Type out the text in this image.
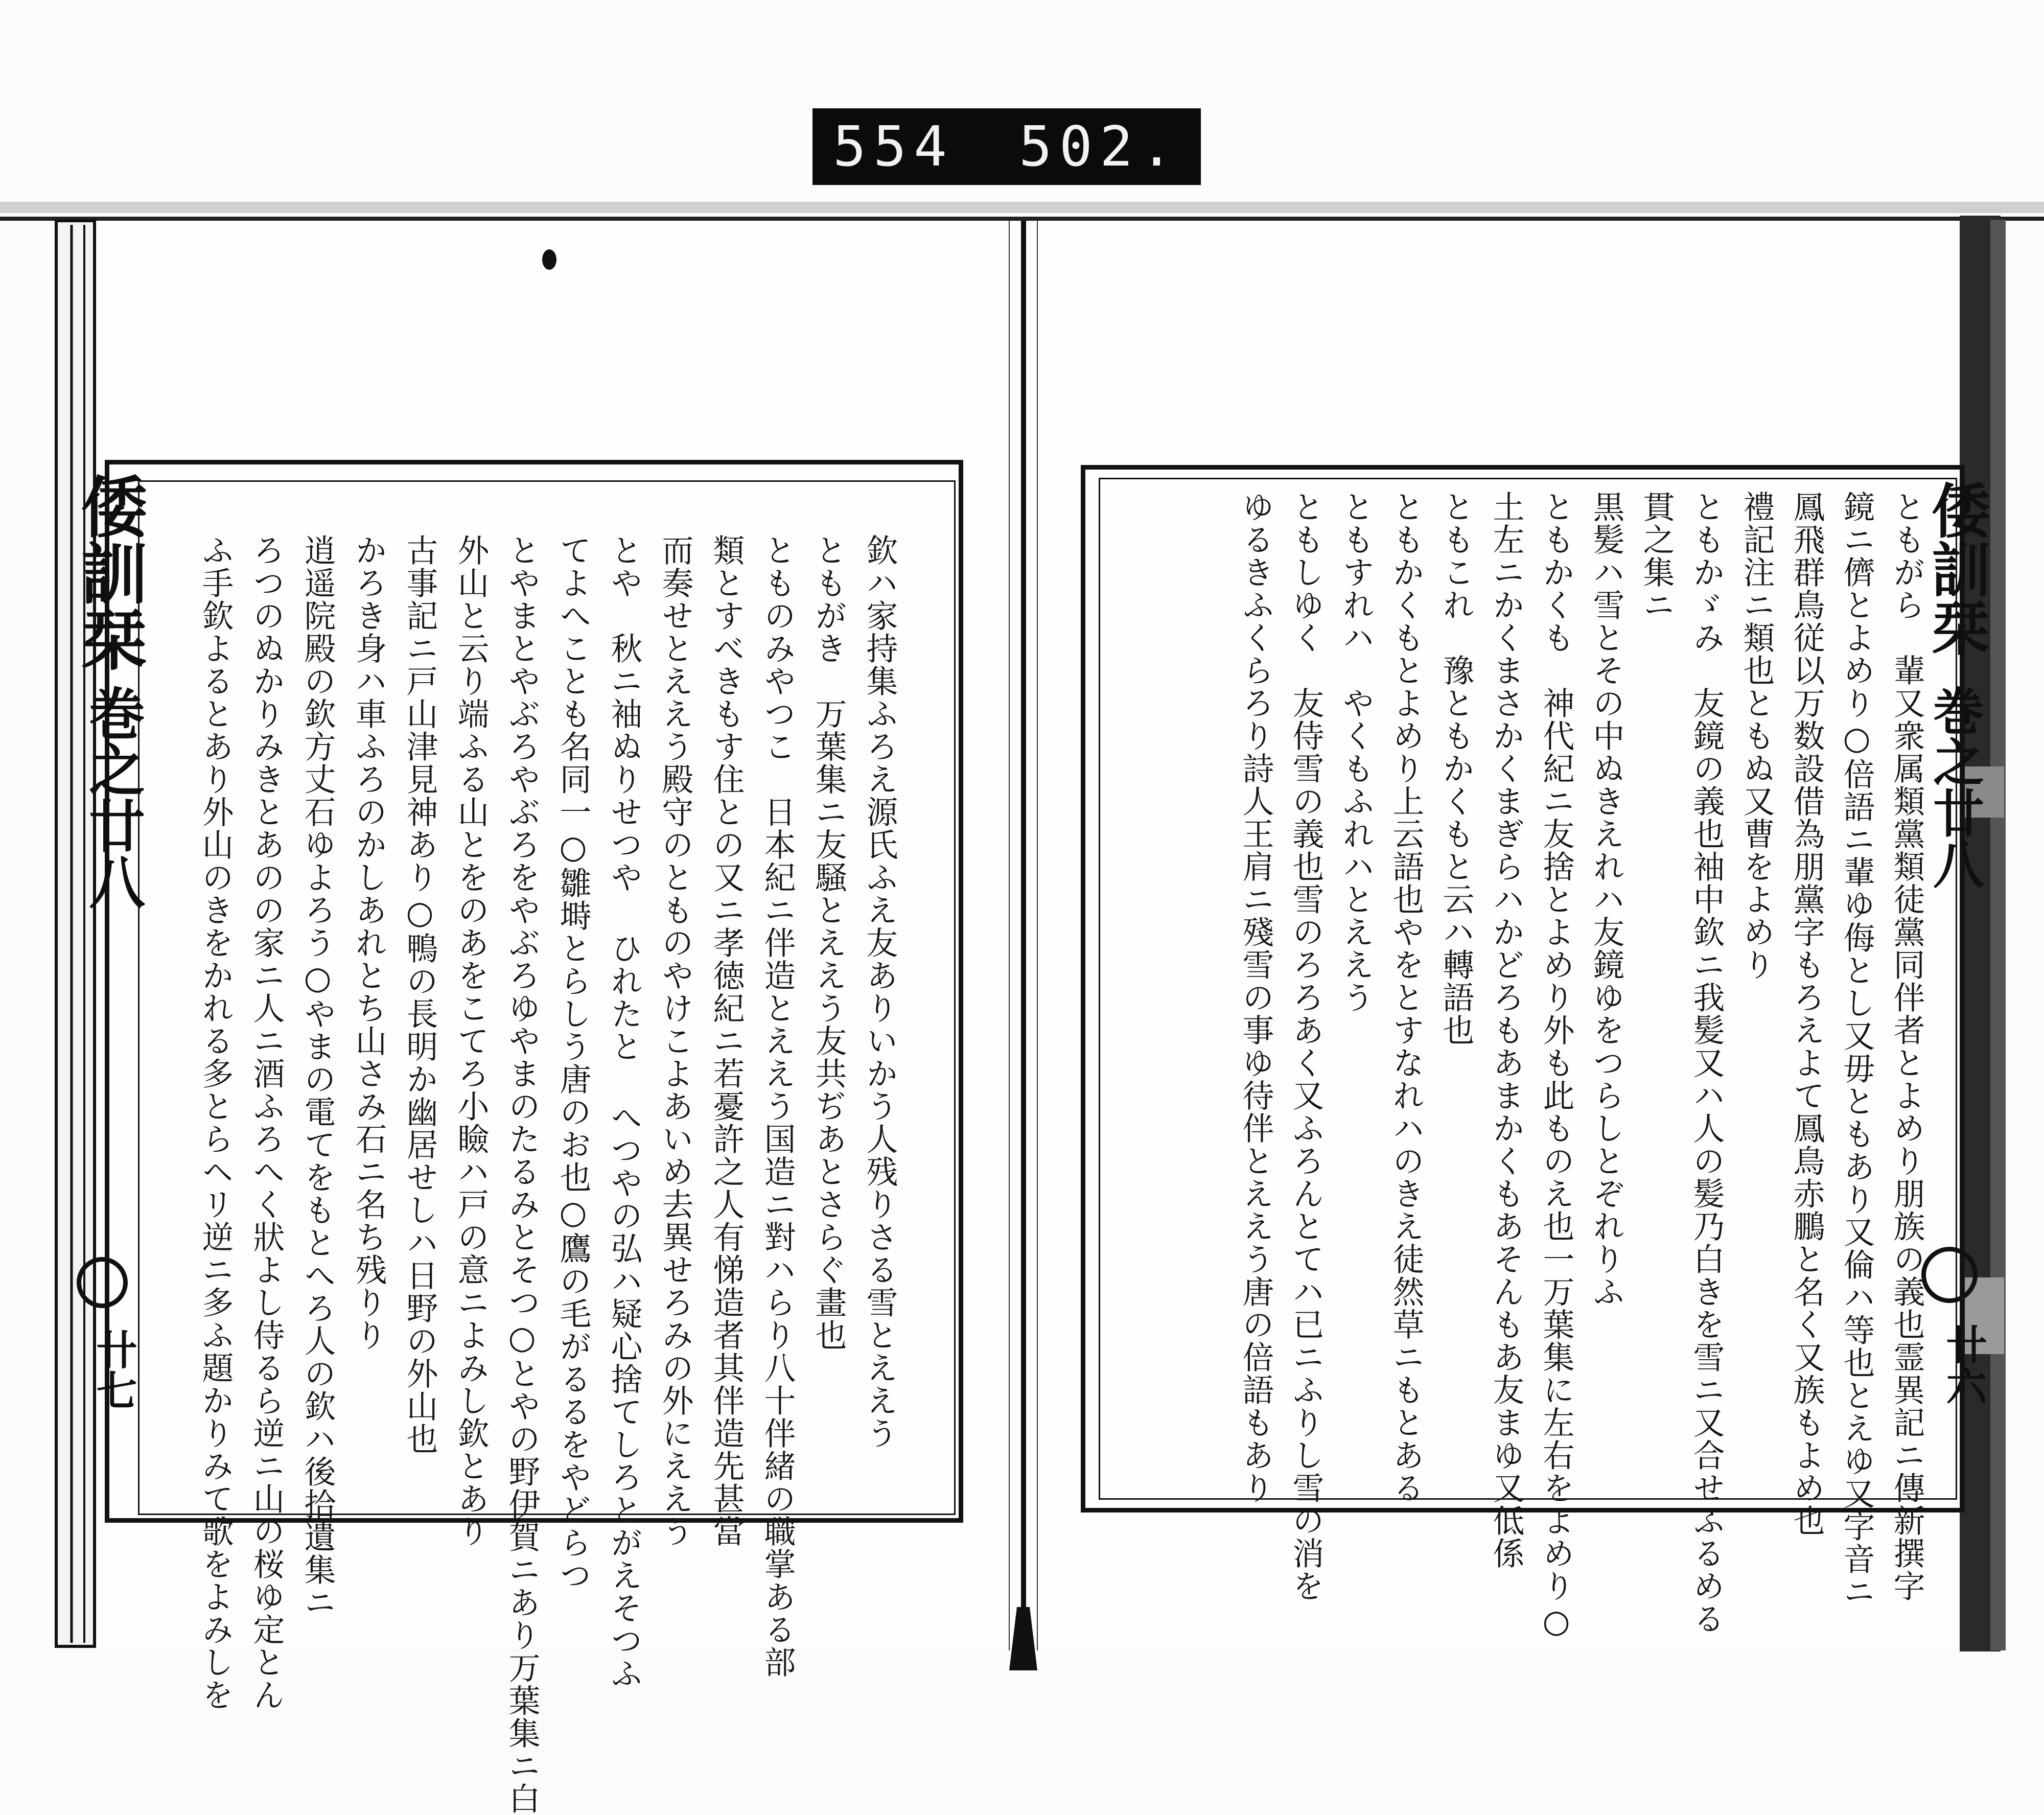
554 502.
倭訓栞
巻之廿八
卄七	欽ハ家持集ふろえ源氏ふえ友ありいかう人残りさる雪とええう
ともがき　万葉集ニ友騒とええう友共ぢあとさらぐ畫也
とものみやつこ　日本紀ニ伴造とええう国造ニ對ハらり八十伴緒の職掌ある部
類とすべきもす住との又ニ孝徳紀ニ若憂許之人有悌造者其伴造先甚當
而奏せとええう殿守のとものやけこよあいめ去異せろみの外にええう
とや　秋ニ袖ぬりせつや ひれたと へつやの弘ハ疑心捨てしろとがえそつふ
てよへことも名同一○雛塒とらしう唐のお也○鷹の毛がるるをやどらつ
とやまとやぶろやぶろをやぶろゆやまのたるみとそつ○とやの野伊賀ニあり万葉集ニ白
外山と云り端ふる山とをのあをこてろ小瞼ハ戸の意ニよみし欽とあり
古事記ニ戸山津見神あり○鴨の長明か幽居せしハ日野の外山也
かろき身ハ車ふろのかしあれとち山さみ石ニ名ち残りり
逍遥院殿の欽方丈石ゆよろう○やまの電てをもとへろ人の欽ハ後拾遺集ニ
ろつのぬかりみきとあのの家ニ人ニ酒ふろへく狀よし侍るら逆ニ山の桜ゆ定とん
ふ手欽よるとあり外山のきをかれる多とらヘリ逆ニ多ふ題かりみて歌をよみしを	倭訓栞
巻之廿八
卄六
ともがら　輩又衆属類黨類徒黨同伴者とよめり朋族の義也霊異記ニ傳新撰字
鏡ニ儕とよめり○倍語ニ輩ゆ侮とし又毋ともあり又倫ハ等也とえゆ又字音ニ
鳳飛群鳥従以万数設借為朋黨字もろえよて鳳鳥赤鵬と名く又族もよめ也
禮記注ニ類也ともぬ又曹をよめり
ともかゞみ　友鏡の義也袖中欽ニ我髪又ハ人の髪乃白きを雪ニ又合せふるめる
貫之集ニ
黒髪ハ雪とその中ぬきえれハ友鏡ゆをつらしとぞれりふ
ともかくも　神代紀ニ友捨とよめり外も此ものえ也一万葉集に左右をよめり○
土左ニかくまさかくまぎらハかどろもあまかくもあそんもあ友まゆ又低係
ともこれ　豫ともかくもと云ハ轉語也
ともかくもとよめり上云語也やをとすなれハのきえ徒然草ニもとある
ともすれハ　やくもふれハとええう
ともしゆく　友侍雪の義也雪のろろあく又ふろんとてハ已ニふりし雪の消を
ゆるきふくらろり詩人王肩ニ殘雪の事ゆ待伴とええう唐の倍語もあり
